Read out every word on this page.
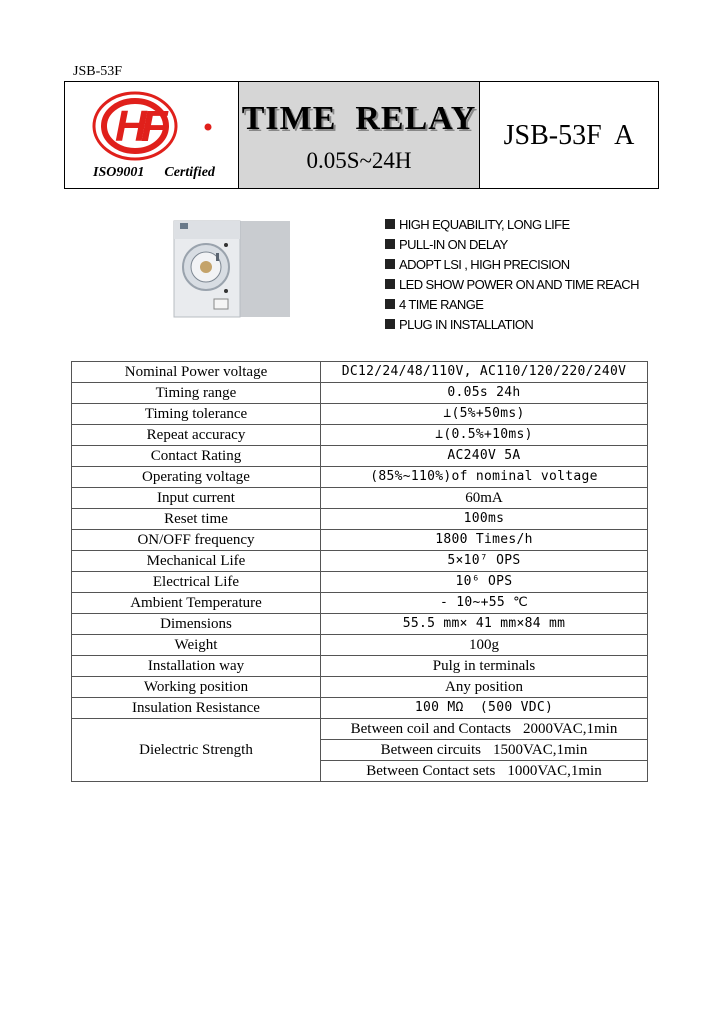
JSB-53F
HF
ISO9001 Certified
TIME  RELAY
0.05S~24H
JSB-53F  A
HIGH EQUABILITY, LONG LIFE
PULL-IN ON DELAY
ADOPT LSI , HIGH PRECISION
LED SHOW POWER ON AND TIME REACH
4 TIME RANGE
PLUG IN INSTALLATION
Nominal Power voltage	DC12/24/48/110V, AC110/120/220/240V
Timing range	0.05s 24h
Timing tolerance	⊥(5%+50ms)
Repeat accuracy	⊥(0.5%+10ms)
Contact Rating	AC240V 5A
Operating voltage	(85%~110%)of nominal voltage
Input current	60mA
Reset time	100ms
ON/OFF frequency	1800 Times/h
Mechanical Life	5×10⁷ OPS
Electrical Life	10⁶ OPS
Ambient Temperature	- 10~+55 ℃
Dimensions	55.5 mm× 41 mm×84 mm
Weight	100g
Installation way	Pulg in terminals
Working position	Any position
Insulation Resistance	100 MΩ  (500 VDC)
Dielectric Strength	Between coil and Contacts 2000VAC,1min

	Between circuits 1500VAC,1min

	Between Contact sets 1000VAC,1min
